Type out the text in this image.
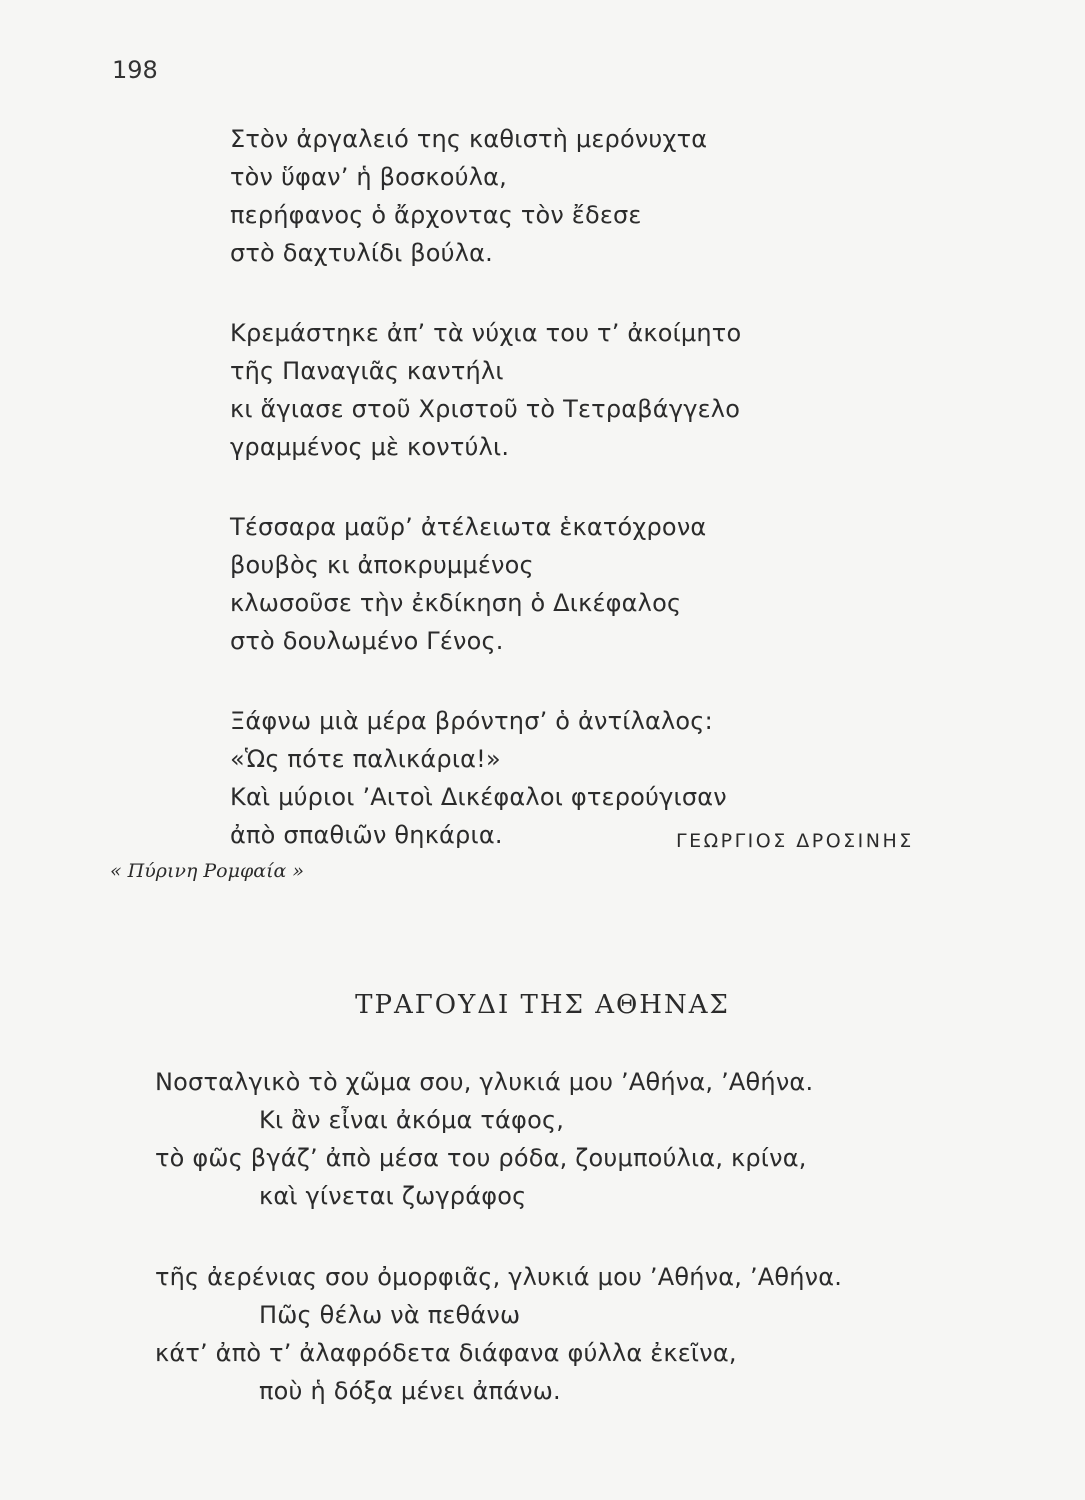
198
Στὸν ἀργαλειό της καθιστὴ μερόνυχτα
τὸν ὕφαν’ ἡ βοσκούλα,
περήφανος ὁ ἄρχοντας τὸν ἔδεσε
στὸ δαχτυλίδι βούλα.
Κρεμάστηκε ἀπ’ τὰ νύχια του τ’ ἀκοίμητο
τῆς Παναγιᾶς καντήλι
κι ἅγιασε στοῦ Χριστοῦ τὸ Τετραβάγγελο
γραμμένος μὲ κοντύλι.
Τέσσαρα μαῦρ’ ἀτέλειωτα ἑκατόχρονα
βουβὸς κι ἀποκρυμμένος
κλωσοῦσε τὴν ἐκδίκηση ὁ Δικέφαλος
στὸ δουλωμένο Γένος.
Ξάφνω μιὰ μέρα βρόντησ’ ὁ ἀντίλαλος:
«Ὡς πότε παλικάρια!»
Καὶ μύριοι ’Αιτοὶ Δικέφαλοι φτερούγισαν
ἀπὸ σπαθιῶν θηκάρια.	ΓΕΩΡΓΙΟΣ ΔΡΟΣΙΝΗΣ
« Πύρινη Ρομφαία »
ΤΡΑΓΟΥΔΙ ΤΗΣ ΑΘΗΝΑΣ
Νοσταλγικὸ τὸ χῶμα σου, γλυκιά μου ’Αθήνα, ’Αθήνα.
Κι ἂν εἶναι ἀκόμα τάφος,
τὸ φῶς βγάζ’ ἀπὸ μέσα του ρόδα, ζουμπούλια, κρίνα,
καὶ γίνεται ζωγράφος
τῆς ἀερένιας σου ὀμορφιᾶς, γλυκιά μου ’Αθήνα, ’Αθήνα.
Πῶς θέλω νὰ πεθάνω
κάτ’ ἀπὸ τ’ ἀλαφρόδετα διάφανα φύλλα ἐκεῖνα,
ποὺ ἡ δόξα μένει ἀπάνω.
